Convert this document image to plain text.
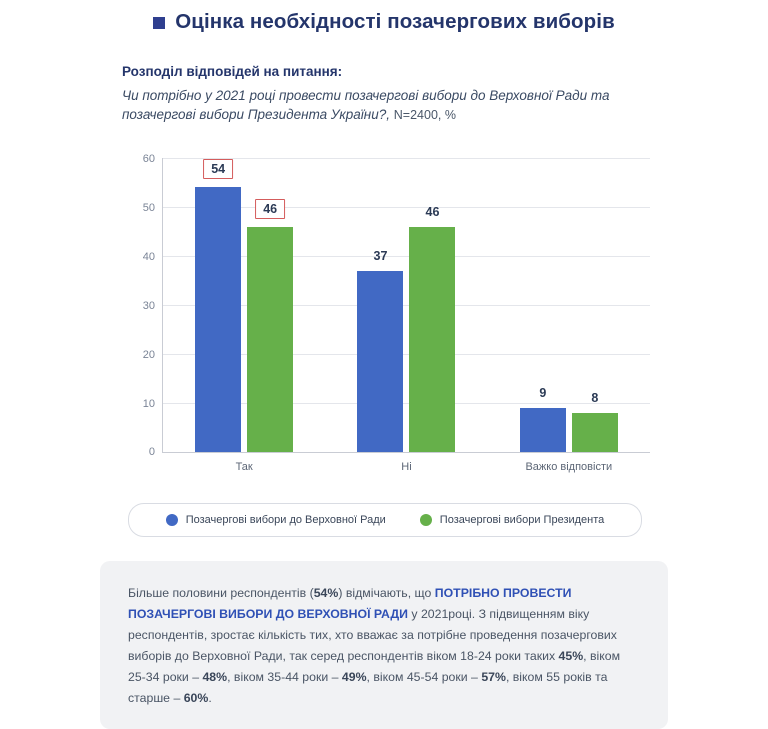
Оцінка необхідності позачергових виборів
Розподіл відповідей на питання:
Чи потрібно у 2021 році провести позачергові вибори до Верховної Ради та позачергові вибори Президента України?, N=2400, %
60
50
40
30
20
10
0
54
46
Так
37
46
Ні
9	8
Важко відповісти
Позачергові вибори до Верховної Ради	Позачергові вибори Президента

Більше половини респондентів (54%) відмічають, що ПОТРІБНО ПРОВЕСТИ ПОЗАЧЕРГОВІ ВИБОРИ ДО ВЕРХОВНОЇ РАДИ у 2021році. З підвищенням віку респондентів, зростає кількість тих, хто вважає за потрібне проведення позачергових виборів до Верховної Ради, так серед респондентів віком 18-24 роки таких 45%, віком 25-34 роки – 48%, віком 35-44 роки – 49%, віком 45-54 роки – 57%, віком 55 років та старше – 60%.
